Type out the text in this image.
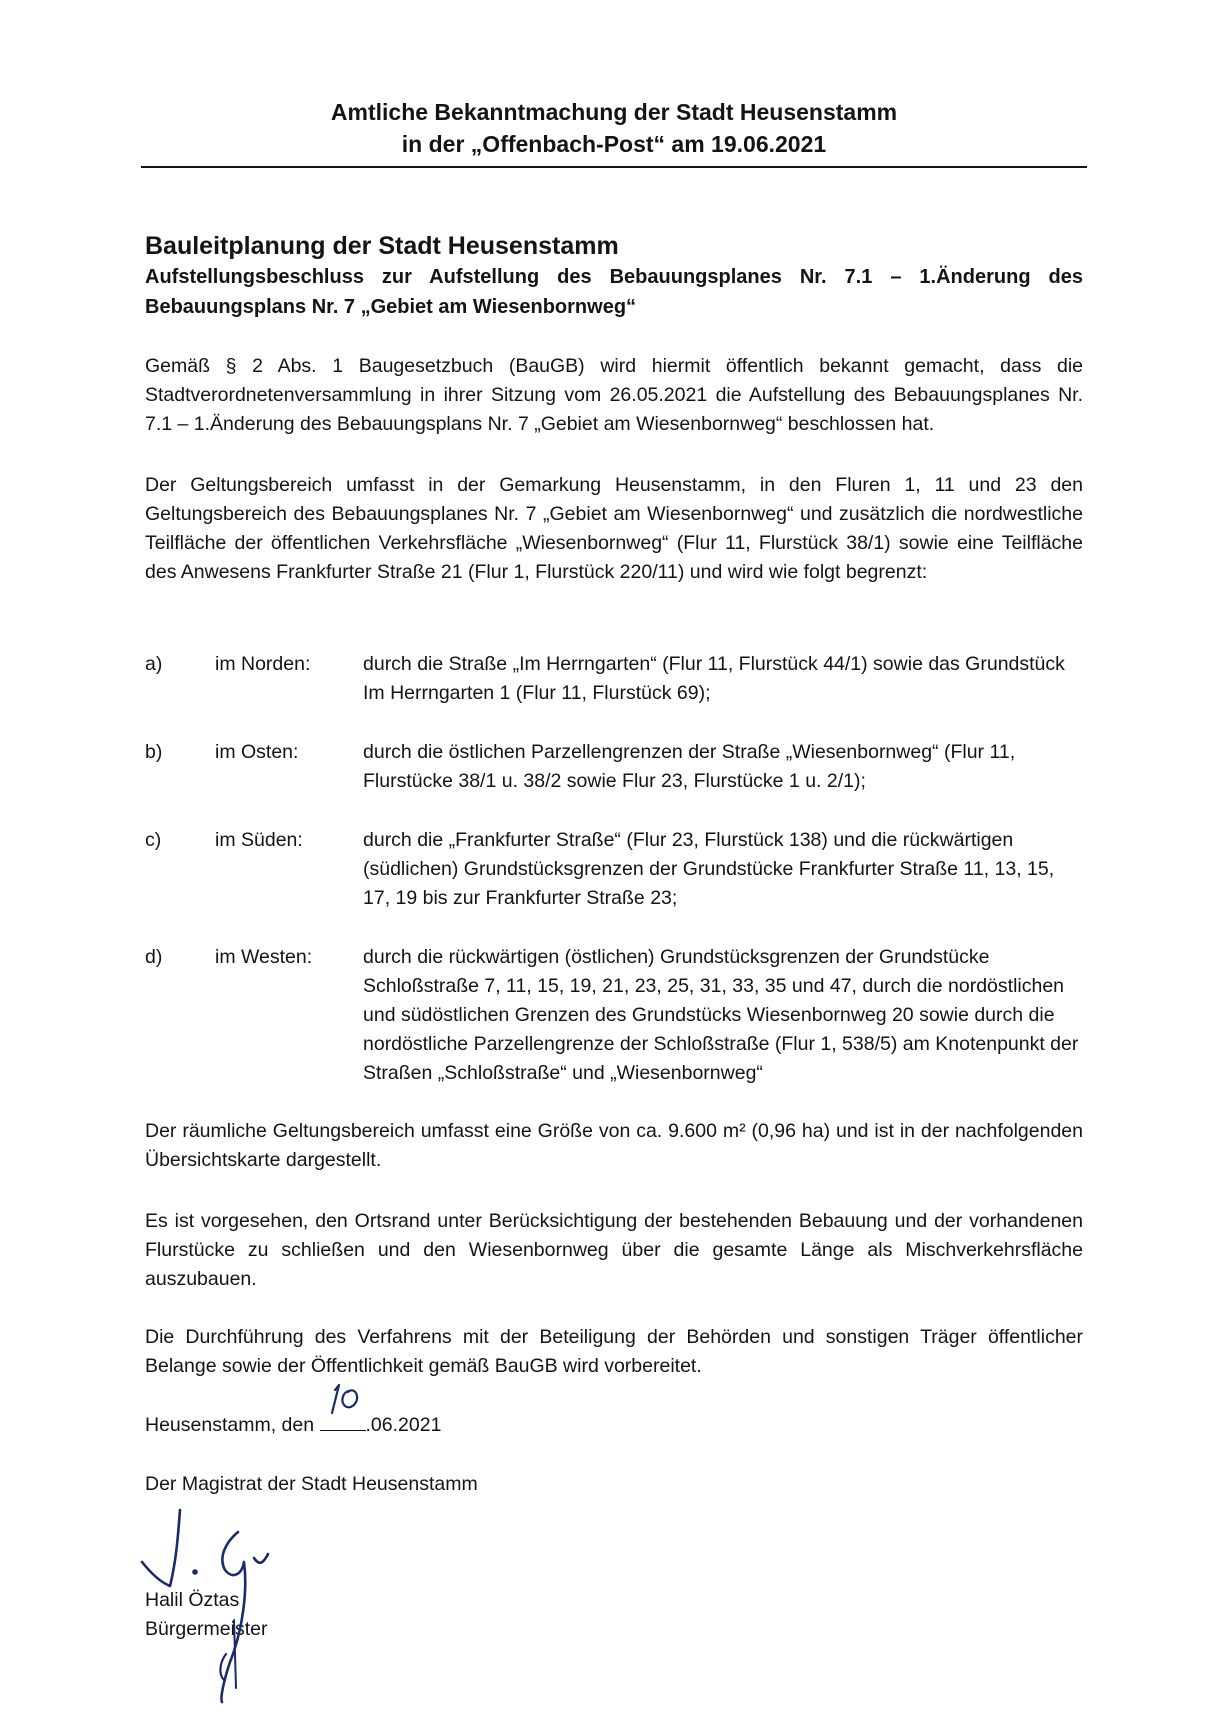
Amtliche Bekanntmachung der Stadt Heusenstamm
in der „Offenbach-Post“ am 19.06.2021
Bauleitplanung der Stadt Heusenstamm
Aufstellungsbeschluss zur Aufstellung des Bebauungsplanes Nr. 7.1 – 1.Änderung des Bebauungsplans Nr. 7 „Gebiet am Wiesenbornweg“
Gemäß § 2 Abs. 1 Baugesetzbuch (BauGB) wird hiermit öffentlich bekannt gemacht, dass die Stadtverordnetenversammlung in ihrer Sitzung vom 26.05.2021 die Aufstellung des Bebauungsplanes Nr. 7.1 – 1.Änderung des Bebauungsplans Nr. 7 „Gebiet am Wiesenbornweg“ beschlossen hat.
Der Geltungsbereich umfasst in der Gemarkung Heusenstamm, in den Fluren 1, 11 und 23 den Geltungsbereich des Bebauungsplanes Nr. 7 „Gebiet am Wiesenbornweg“ und zusätzlich die nordwestliche Teilfläche der öffentlichen Verkehrsfläche „Wiesenbornweg“ (Flur 11, Flurstück 38/1) sowie eine Teilfläche des Anwesens Frankfurter Straße 21 (Flur 1, Flurstück 220/11) und wird wie folgt begrenzt:
a)	im Norden:	durch die Straße „Im Herrngarten“ (Flur 11, Flurstück 44/1) sowie das Grundstück Im Herrngarten 1 (Flur 11, Flurstück 69);
b)	im Osten:	durch die östlichen Parzellengrenzen der Straße „Wiesenbornweg“ (Flur 11, Flurstücke 38/1 u. 38/2 sowie Flur 23, Flurstücke 1 u. 2/1);
c)	im Süden:	durch die „Frankfurter Straße“ (Flur 23, Flurstück 138) und die rückwärtigen (südlichen) Grundstücksgrenzen der Grundstücke Frankfurter Straße 11, 13, 15, 17, 19 bis zur Frankfurter Straße 23;
d)	im Westen:	durch die rückwärtigen (östlichen) Grundstücksgrenzen der Grundstücke Schloßstraße 7, 11, 15, 19, 21, 23, 25, 31, 33, 35 und 47, durch die nordöstlichen und südöstlichen Grenzen des Grundstücks Wiesenbornweg 20 sowie durch die nordöstliche Parzellengrenze der Schloßstraße (Flur 1, 538/5) am Knotenpunkt der Straßen „Schloßstraße“ und „Wiesenbornweg“
Der räumliche Geltungsbereich umfasst eine Größe von ca. 9.600 m² (0,96 ha) und ist in der nachfolgenden Übersichtskarte dargestellt.
Es ist vorgesehen, den Ortsrand unter Berücksichtigung der bestehenden Bebauung und der vorhandenen Flurstücke zu schließen und den Wiesenbornweg über die gesamte Länge als Mischverkehrsfläche auszubauen.
Die Durchführung des Verfahrens mit der Beteiligung der Behörden und sonstigen Träger öffentlicher Belange sowie der Öffentlichkeit gemäß BauGB wird vorbereitet.
Heusenstamm, den
.06.2021
Der Magistrat der Stadt Heusenstamm
Halil Öztas
Bürgermeister
